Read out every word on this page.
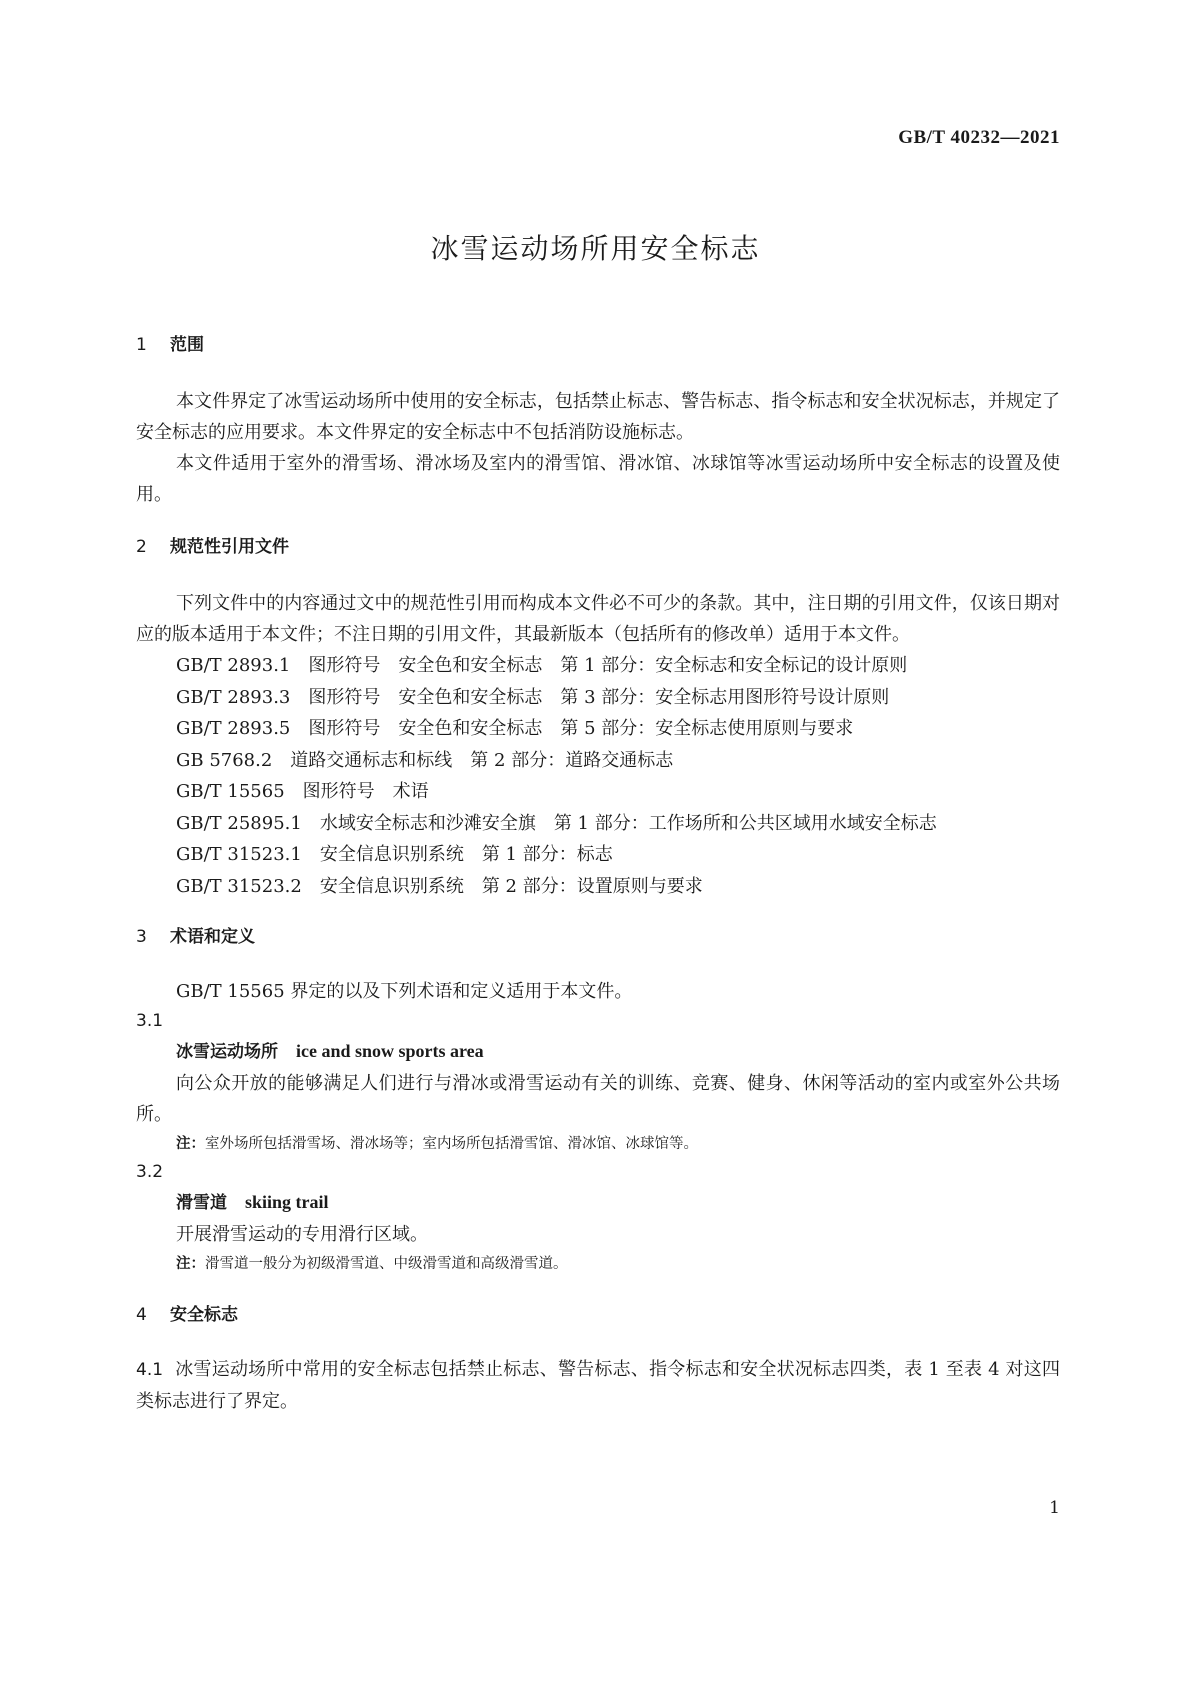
GB/T 40232—2021
冰雪运动场所用安全标志
1 范围

本文件界定了冰雪运动场所中使用的安全标志，包括禁止标志、警告标志、指令标志和安全状况标志，并规定了安全标志的应用要求。本文件界定的安全标志中不包括消防设施标志。

本文件适用于室外的滑雪场、滑冰场及室内的滑雪馆、滑冰馆、冰球馆等冰雪运动场所中安全标志的设置及使用。

2 规范性引用文件

下列文件中的内容通过文中的规范性引用而构成本文件必不可少的条款。其中，注日期的引用文件，仅该日期对应的版本适用于本文件；不注日期的引用文件，其最新版本（包括所有的修改单）适用于本文件。

GB/T 2893.1　图形符号　安全色和安全标志　第 1 部分：安全标志和安全标记的设计原则
GB/T 2893.3　图形符号　安全色和安全标志　第 3 部分：安全标志用图形符号设计原则
GB/T 2893.5　图形符号　安全色和安全标志　第 5 部分：安全标志使用原则与要求
GB 5768.2　道路交通标志和标线　第 2 部分：道路交通标志
GB/T 15565　图形符号　术语
GB/T 25895.1　水域安全标志和沙滩安全旗　第 1 部分：工作场所和公共区域用水域安全标志
GB/T 31523.1　安全信息识别系统　第 1 部分：标志
GB/T 31523.2　安全信息识别系统　第 2 部分：设置原则与要求
3 术语和定义

GB/T 15565 界定的以及下列术语和定义适用于本文件。

3.1
冰雪运动场所 ice and snow sports area

向公众开放的能够满足人们进行与滑冰或滑雪运动有关的训练、竞赛、健身、休闲等活动的室内或室外公共场所。

注：室外场所包括滑雪场、滑冰场等；室内场所包括滑雪馆、滑冰馆、冰球馆等。
3.2
滑雪道 skiing trail

开展滑雪运动的专用滑行区域。

注：滑雪道一般分为初级滑雪道、中级滑雪道和高级滑雪道。
4 安全标志

4.1 冰雪运动场所中常用的安全标志包括禁止标志、警告标志、指令标志和安全状况标志四类，表 1 至表 4 对这四类标志进行了界定。

1
